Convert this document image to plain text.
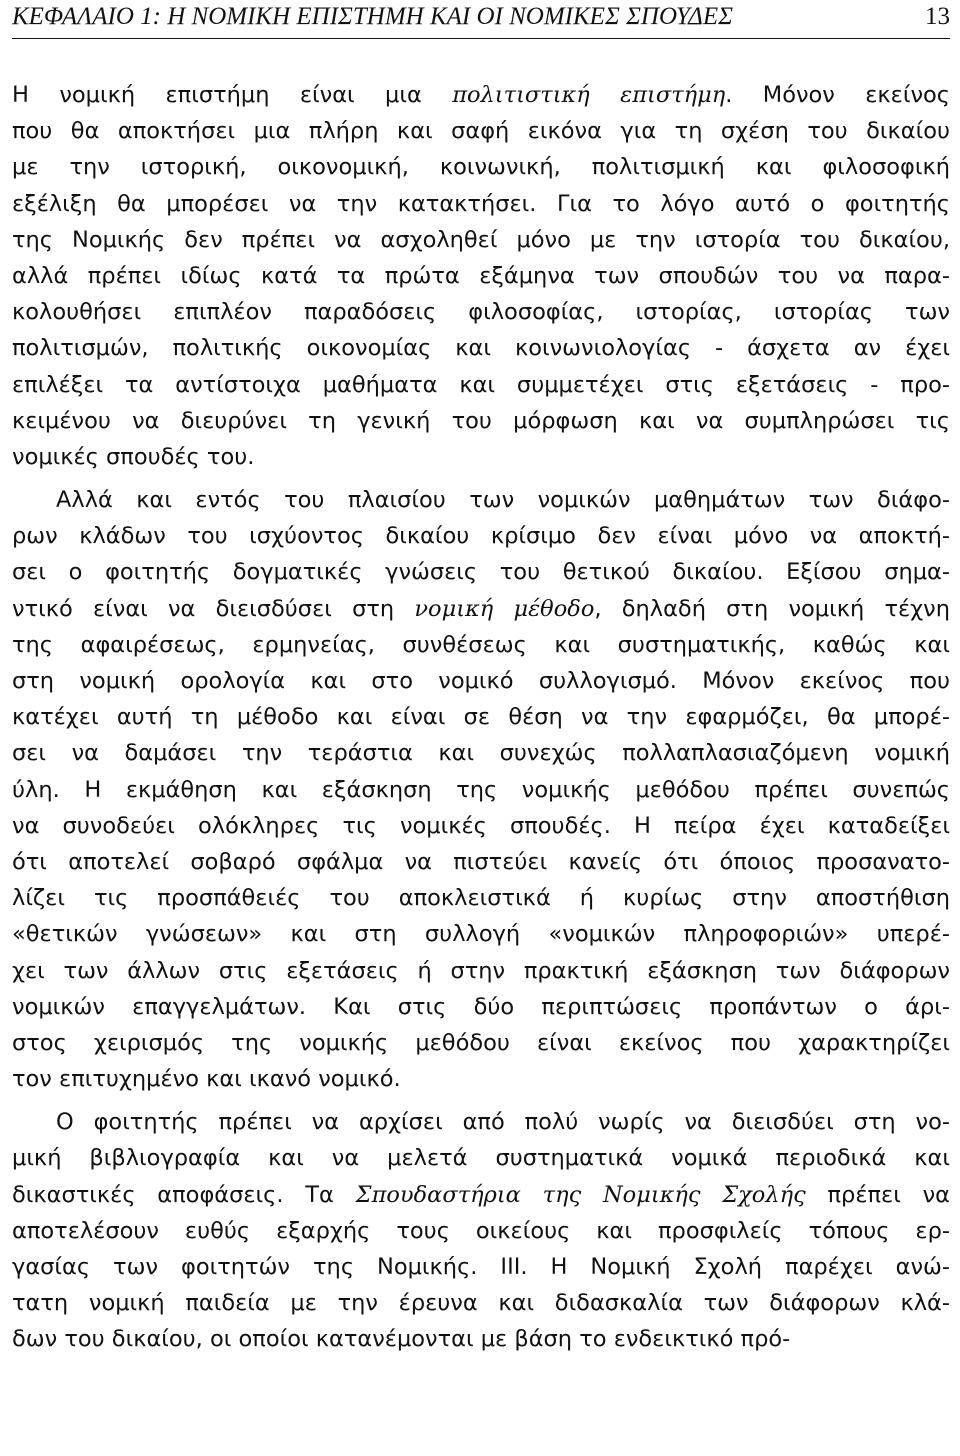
ΚΕΦΑΛΑΙΟ 1: Η ΝΟΜΙΚΗ ΕΠΙΣΤΗΜΗ ΚΑΙ ΟΙ ΝΟΜΙΚΕΣ ΣΠΟΥΔΕΣ	13
Η νομική επιστήμη είναι μια πολιτιστική επιστήμη. Μόνον εκείνος
που θα αποκτήσει μια πλήρη και σαφή εικόνα για τη σχέση του δικαίου
με την ιστορική, οικονομική, κοινωνική, πολιτισμική και φιλοσοφική
εξέλιξη θα μπορέσει να την κατακτήσει. Για το λόγο αυτό ο φοιτητής
της Νομικής δεν πρέπει να ασχοληθεί μόνο με την ιστορία του δικαίου,
αλλά πρέπει ιδίως κατά τα πρώτα εξάμηνα των σπουδών του να παρα-
κολουθήσει επιπλέον παραδόσεις φιλοσοφίας, ιστορίας, ιστορίας των
πολιτισμών, πολιτικής οικονομίας και κοινωνιολογίας - άσχετα αν έχει
επιλέξει τα αντίστοιχα μαθήματα και συμμετέχει στις εξετάσεις - προ-
κειμένου να διευρύνει τη γενική του μόρφωση και να συμπληρώσει τις
νομικές σπουδές του.
Αλλά και εντός του πλαισίου των νομικών μαθημάτων των διάφο-
ρων κλάδων του ισχύοντος δικαίου κρίσιμο δεν είναι μόνο να αποκτή-
σει ο φοιτητής δογματικές γνώσεις του θετικού δικαίου. Εξίσου σημα-
ντικό είναι να διεισδύσει στη νομική μέθοδο, δηλαδή στη νομική τέχνη
της αφαιρέσεως, ερμηνείας, συνθέσεως και συστηματικής, καθώς και
στη νομική ορολογία και στο νομικό συλλογισμό. Μόνον εκείνος που
κατέχει αυτή τη μέθοδο και είναι σε θέση να την εφαρμόζει, θα μπορέ-
σει να δαμάσει την τεράστια και συνεχώς πολλαπλασιαζόμενη νομική
ύλη. Η εκμάθηση και εξάσκηση της νομικής μεθόδου πρέπει συνεπώς
να συνοδεύει ολόκληρες τις νομικές σπουδές. Η πείρα έχει καταδείξει
ότι αποτελεί σοβαρό σφάλμα να πιστεύει κανείς ότι όποιος προσανατο-
λίζει τις προσπάθειές του αποκλειστικά ή κυρίως στην αποστήθιση
«θετικών γνώσεων» και στη συλλογή «νομικών πληροφοριών» υπερέ-
χει των άλλων στις εξετάσεις ή στην πρακτική εξάσκηση των διάφορων
νομικών επαγγελμάτων. Και στις δύο περιπτώσεις προπάντων ο άρι-
στος χειρισμός της νομικής μεθόδου είναι εκείνος που χαρακτηρίζει
τον επιτυχημένο και ικανό νομικό.
Ο φοιτητής πρέπει να αρχίσει από πολύ νωρίς να διεισδύει στη νο-
μική βιβλιογραφία και να μελετά συστηματικά νομικά περιοδικά και
δικαστικές αποφάσεις. Τα Σπουδαστήρια της Νομικής Σχολής πρέπει να
αποτελέσουν ευθύς εξαρχής τους οικείους και προσφιλείς τόπους ερ-
γασίας των φοιτητών της Νομικής. ΙΙΙ. Η Νομική Σχολή παρέχει ανώ-
τατη νομική παιδεία με την έρευνα και διδασκαλία των διάφορων κλά-
δων του δικαίου, οι οποίοι κατανέμονται με βάση το ενδεικτικό πρό-
